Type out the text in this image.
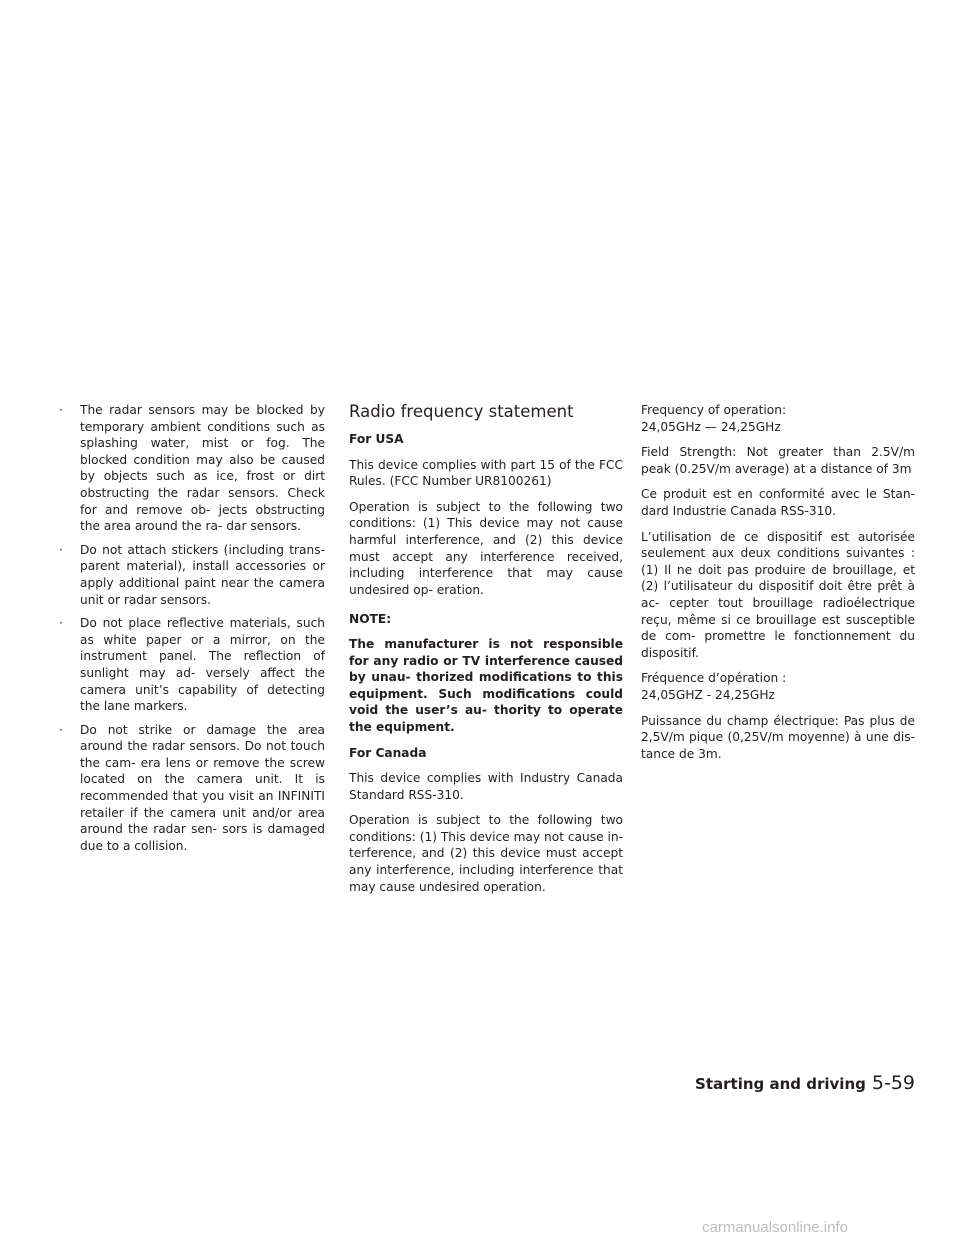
· The radar sensors may be blocked by temporary ambient conditions such as splashing water, mist or fog. The blocked condition may also be caused by objects such as ice, frost or dirt obstructing the radar sensors. Check for and remove ob- jects obstructing the area around the ra- dar sensors.

· Do not attach stickers (including trans- parent material), install accessories or apply additional paint near the camera unit or radar sensors.

· Do not place reflective materials, such as white paper or a mirror, on the instrument panel. The reflection of sunlight may ad- versely affect the camera unit’s capability of detecting the lane markers.

· Do not strike or damage the area around the radar sensors. Do not touch the cam- era lens or remove the screw located on the camera unit. It is recommended that you visit an INFINITI retailer if the camera unit and/or area around the radar sen- sors is damaged due to a collision.

Radio frequency statement

For USA

This device complies with part 15 of the FCC Rules. (FCC Number UR8100261)

Operation is subject to the following two conditions: (1) This device may not cause harmful interference, and (2) this device must accept any interference received, including interference that may cause undesired op- eration.

NOTE:

The manufacturer is not responsible for any radio or TV interference caused by unau- thorized modifications to this equipment. Such modifications could void the user’s au- thority to operate the equipment.

For Canada

This device complies with Industry Canada Standard RSS-310.

Operation is subject to the following two conditions: (1) This device may not cause in- terference, and (2) this device must accept any interference, including interference that may cause undesired operation.

Frequency of operation:

24,05GHz — 24,25GHz

Field Strength: Not greater than 2.5V/m peak (0.25V/m average) at a distance of 3m

Ce produit est en conformité avec le Stan- dard Industrie Canada RSS-310.

L’utilisation de ce dispositif est autorisée seulement aux deux conditions suivantes : (1) Il ne doit pas produire de brouillage, et (2) l’utilisateur du dispositif doit être prêt à ac- cepter tout brouillage radioélectrique reçu, même si ce brouillage est susceptible de com- promettre le fonctionnement du dispositif.

Fréquence d’opération :

24,05GHZ - 24,25GHz

Puissance du champ électrique: Pas plus de 2,5V/m pique (0,25V/m moyenne) à une dis- tance de 3m.

Starting and driving 5-59
carmanualsonline.info
